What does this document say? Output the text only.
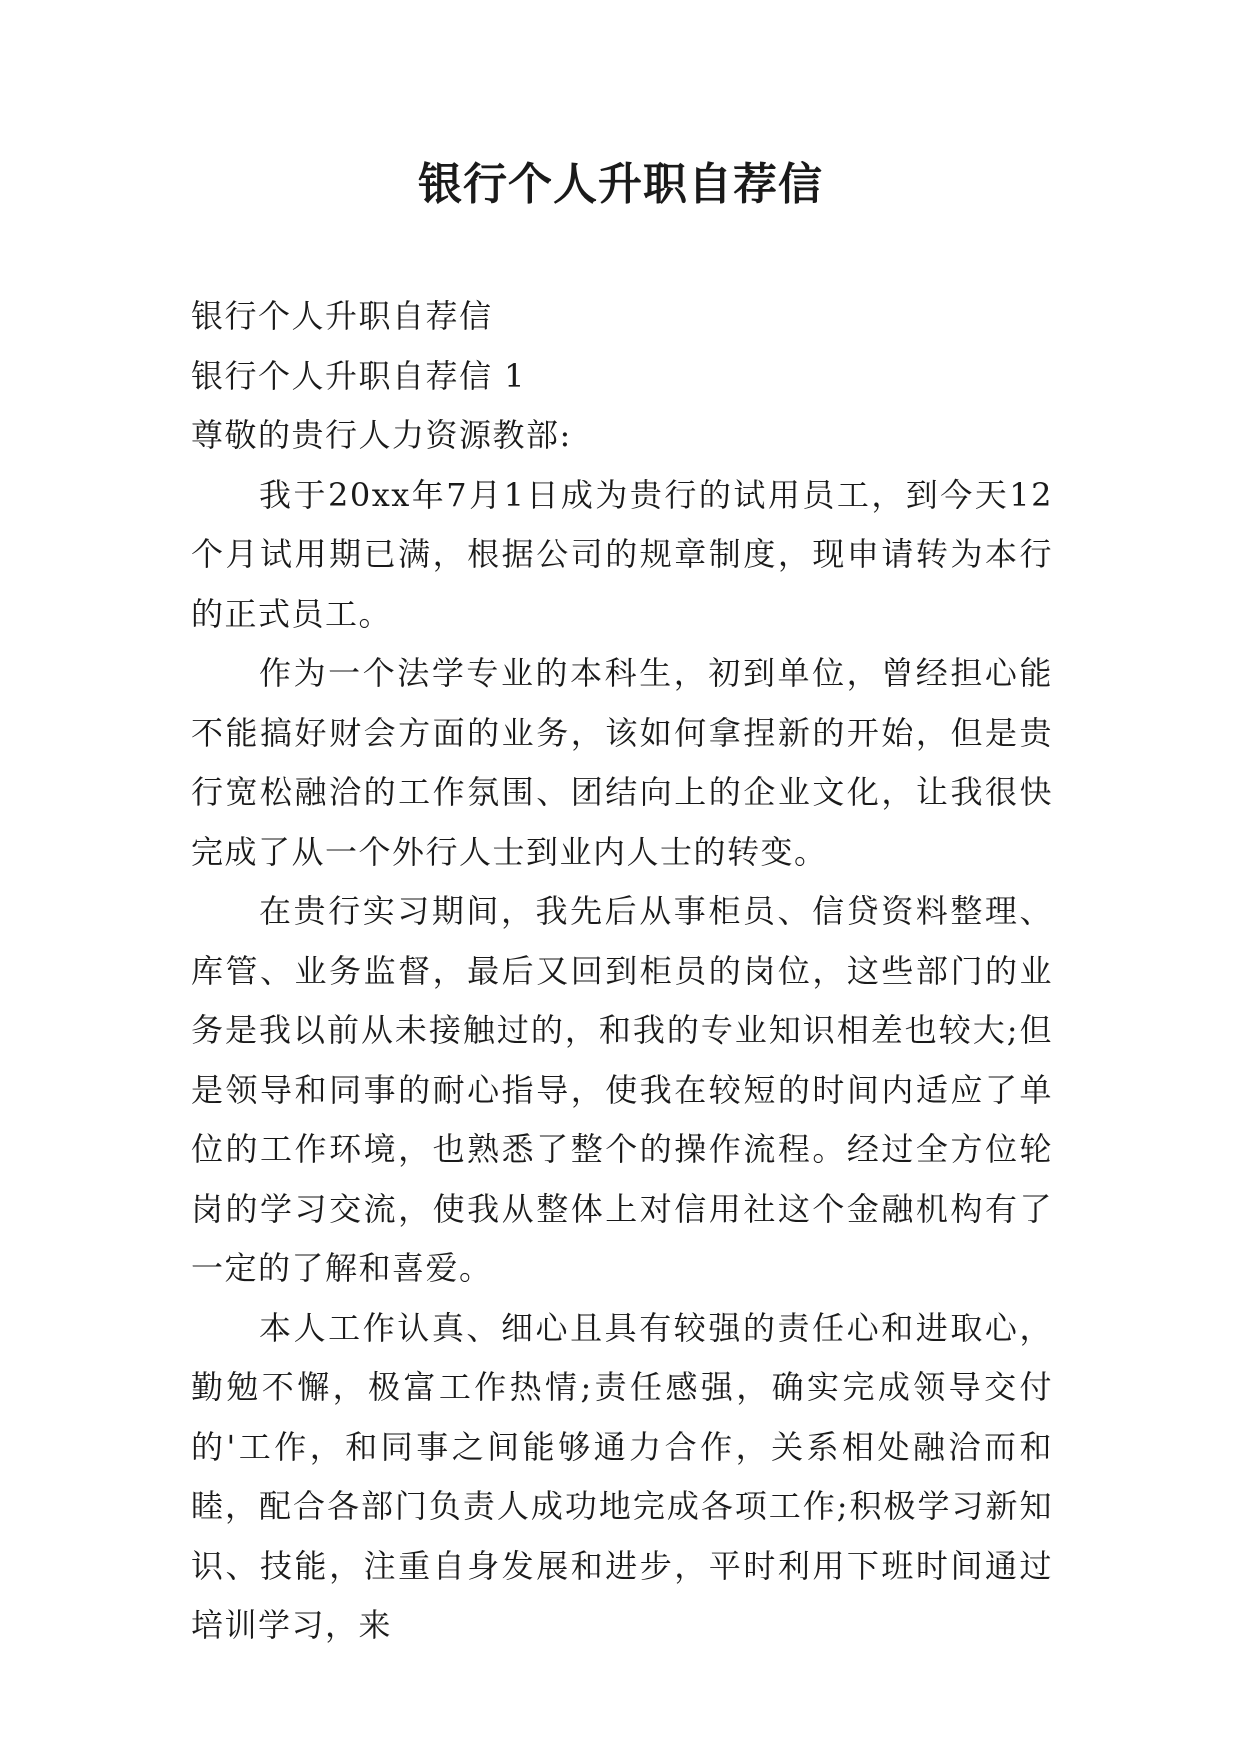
银行个人升职自荐信

银行个人升职自荐信

银行个人升职自荐信 1

尊敬的贵行人力资源教部:

我于20xx年7月1日成为贵行的试用员工，到今天12个月试用期已满，根据公司的规章制度，现申请转为本行的正式员工。

作为一个法学专业的本科生，初到单位，曾经担心能不能搞好财会方面的业务，该如何拿捏新的开始，但是贵行宽松融洽的工作氛围、团结向上的企业文化，让我很快完成了从一个外行人士到业内人士的转变。

在贵行实习期间，我先后从事柜员、信贷资料整理、库管、业务监督，最后又回到柜员的岗位，这些部门的业务是我以前从未接触过的，和我的专业知识相差也较大;但是领导和同事的耐心指导，使我在较短的时间内适应了单位的工作环境，也熟悉了整个的操作流程。经过全方位轮岗的学习交流，使我从整体上对信用社这个金融机构有了一定的了解和喜爱。

本人工作认真、细心且具有较强的责任心和进取心，勤勉不懈，极富工作热情;责任感强，确实完成领导交付的'工作，和同事之间能够通力合作，关系相处融洽而和睦，配合各部门负责人成功地完成各项工作;积极学习新知识、技能，注重自身发展和进步，平时利用下班时间通过培训学习，来
